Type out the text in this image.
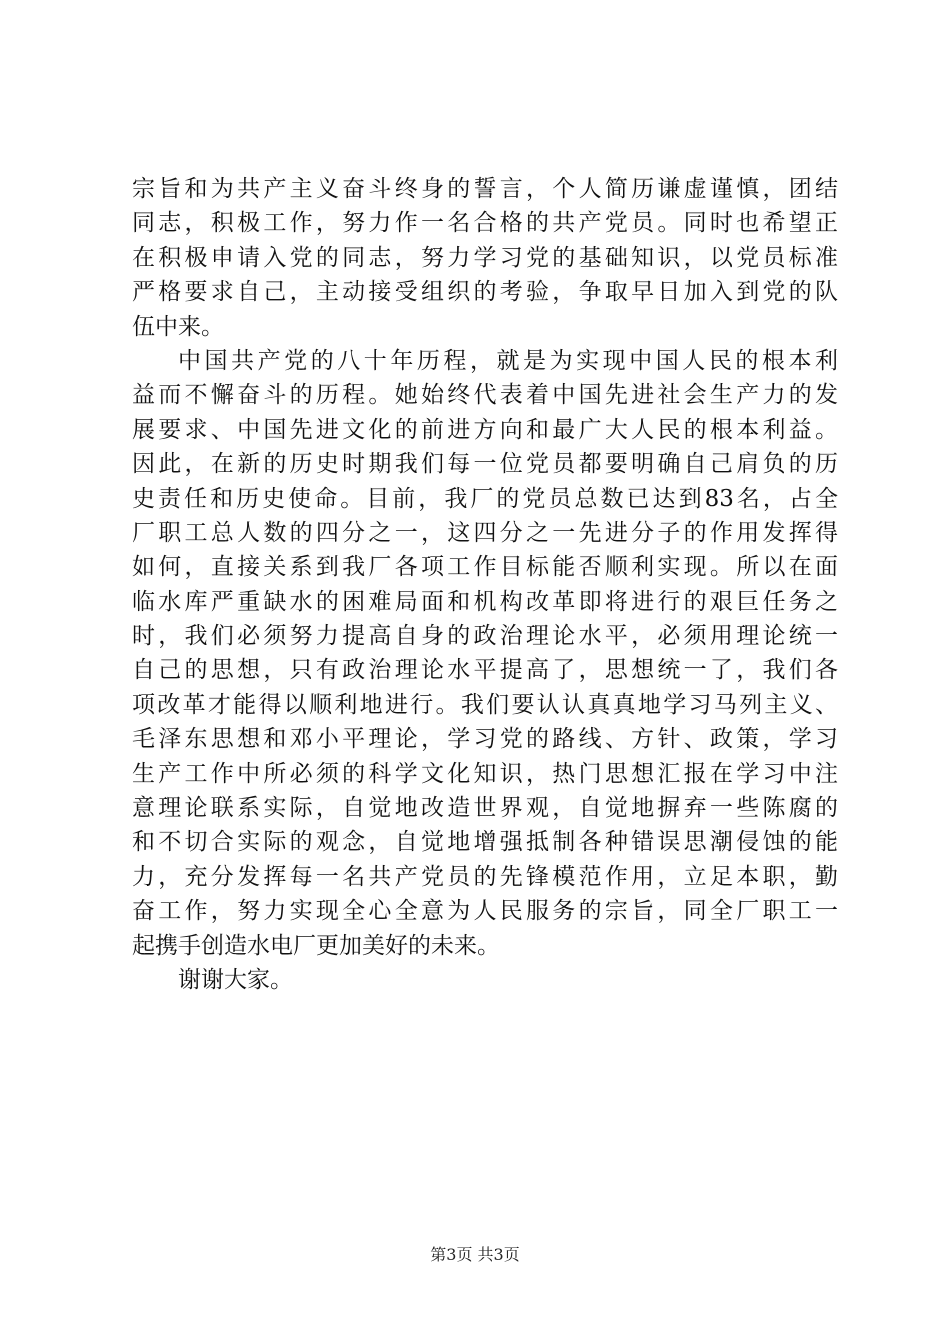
宗旨和为共产主义奋斗终身的誓言，个人简历谦虚谨慎，团结
同志，积极工作，努力作一名合格的共产党员。同时也希望正
在积极申请入党的同志，努力学习党的基础知识，以党员标准
严格要求自己，主动接受组织的考验，争取早日加入到党的队
伍中来。
中国共产党的八十年历程，就是为实现中国人民的根本利
益而不懈奋斗的历程。她始终代表着中国先进社会生产力的发
展要求、中国先进文化的前进方向和最广大人民的根本利益。
因此，在新的历史时期我们每一位党员都要明确自己肩负的历
史责任和历史使命。目前，我厂的党员总数已达到83名，占全
厂职工总人数的四分之一，这四分之一先进分子的作用发挥得
如何，直接关系到我厂各项工作目标能否顺利实现。所以在面
临水库严重缺水的困难局面和机构改革即将进行的艰巨任务之
时，我们必须努力提高自身的政治理论水平，必须用理论统一
自己的思想，只有政治理论水平提高了，思想统一了，我们各
项改革才能得以顺利地进行。我们要认认真真地学习马列主义、
毛泽东思想和邓小平理论，学习党的路线、方针、政策，学习
生产工作中所必须的科学文化知识，热门思想汇报在学习中注
意理论联系实际，自觉地改造世界观，自觉地摒弃一些陈腐的
和不切合实际的观念，自觉地增强抵制各种错误思潮侵蚀的能
力，充分发挥每一名共产党员的先锋模范作用，立足本职，勤
奋工作，努力实现全心全意为人民服务的宗旨，同全厂职工一
起携手创造水电厂更加美好的未来。
谢谢大家。
第3页 共3页
